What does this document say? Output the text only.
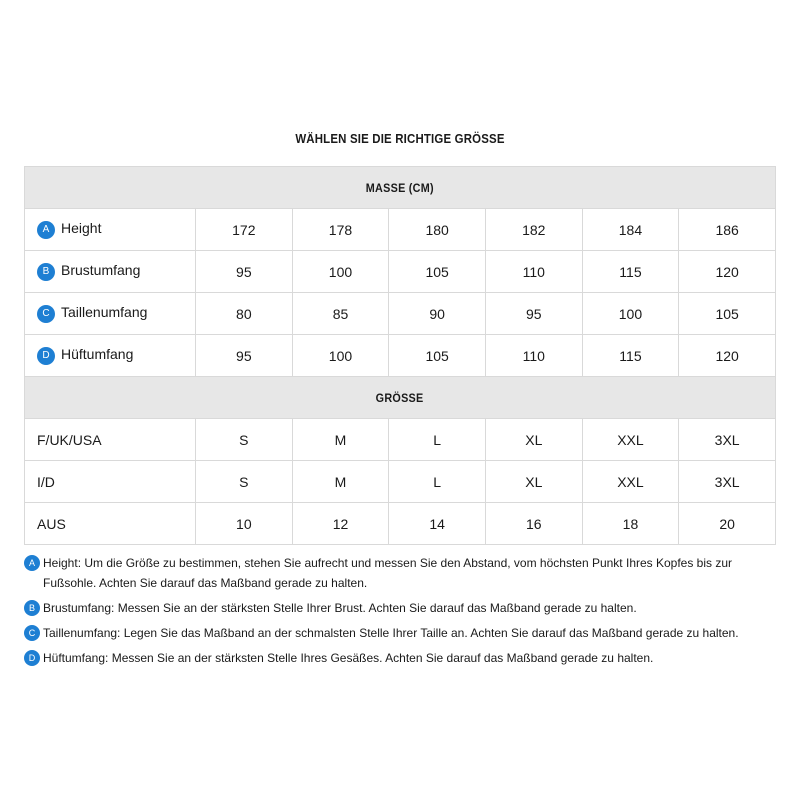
WÄHLEN SIE DIE RICHTIGE GRÖSSE
MASSE (CM)						
A Height	172	178	180	182	184	186
B Brustumfang	95	100	105	110	115	120
C Taillenumfang	80	85	90	95	100	105
D Hüftumfang	95	100	105	110	115	120
GRÖSSE						
F/UK/USA	S	M	L	XL	XXL	3XL
I/D	S	M	L	XL	XXL	3XL
AUS	10	12	14	16	18	20
A Height: Um die Größe zu bestimmen, stehen Sie aufrecht und messen Sie den Abstand, vom höchsten Punkt Ihres Kopfes bis zur Fußsohle. Achten Sie darauf das Maßband gerade zu halten.
B Brustumfang: Messen Sie an der stärksten Stelle Ihrer Brust. Achten Sie darauf das Maßband gerade zu halten.
C Taillenumfang: Legen Sie das Maßband an der schmalsten Stelle Ihrer Taille an. Achten Sie darauf das Maßband gerade zu halten.
D Hüftumfang: Messen Sie an der stärksten Stelle Ihres Gesäßes. Achten Sie darauf das Maßband gerade zu halten.
